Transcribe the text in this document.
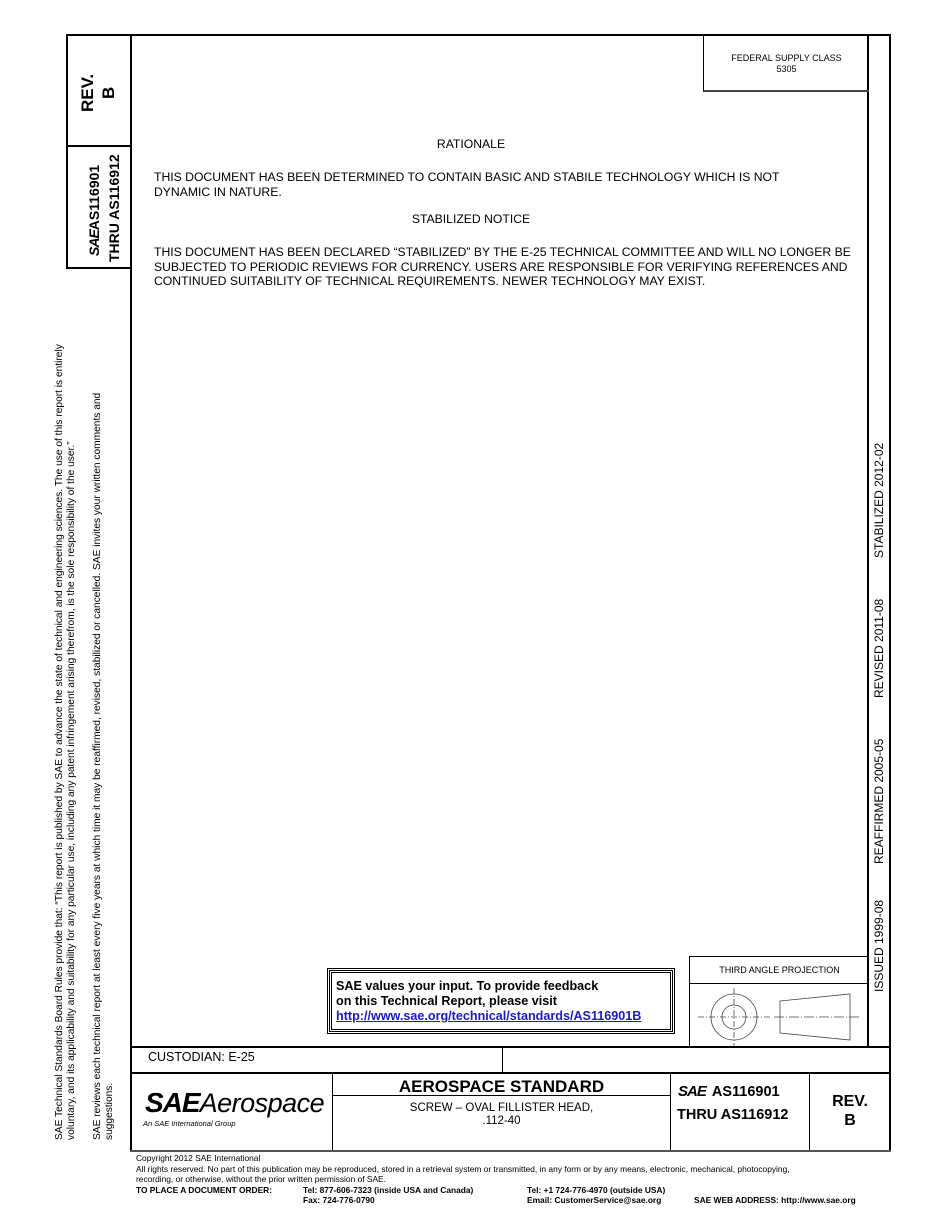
REV. B
SAEAS116901 THRU AS116912
FEDERAL SUPPLY CLASS
5305
RATIONALE
THIS DOCUMENT HAS BEEN DETERMINED TO CONTAIN BASIC AND STABILE TECHNOLOGY WHICH IS NOT DYNAMIC IN NATURE.
STABILIZED NOTICE
THIS DOCUMENT HAS BEEN DECLARED “STABILIZED” BY THE E-25 TECHNICAL COMMITTEE AND WILL NO LONGER BE SUBJECTED TO PERIODIC REVIEWS FOR CURRENCY. USERS ARE RESPONSIBLE FOR VERIFYING REFERENCES AND CONTINUED SUITABILITY OF TECHNICAL REQUIREMENTS. NEWER TECHNOLOGY MAY EXIST.
STABILIZED 2012-02
REVISED 2011-08
REAFFIRMED 2005-05
ISSUED 1999-08
SAE Technical Standards Board Rules provide that: “This report is published by SAE to advance the state of technical and engineering sciences. The use of this report is entirely voluntary, and its applicability and suitability for any particular use, including any patent infringement arising therefrom, is the sole responsibility of the user.” SAE reviews each technical report at least every five years at which time it may be reaffirmed, revised, stabilized or cancelled. SAE invites your written comments and suggestions.
SAE values your input. To provide feedback
on this Technical Report, please visit
http://www.sae.org/technical/standards/AS116901B
THIRD ANGLE PROJECTION
CUSTODIAN: E-25
SAEAerospace
An SAE International Group
AEROSPACE STANDARD
SCREW – OVAL FILLISTER HEAD,
.112-40
SAE AS116901
THRU AS116912
REV.
B
Copyright 2012 SAE International
All rights reserved. No part of this publication may be reproduced, stored in a retrieval system or transmitted, in any form or by any means, electronic, mechanical, photocopying,
recording, or otherwise, without the prior written permission of SAE.
TO PLACE A DOCUMENT ORDER:	Tel: 877-606-7323 (inside USA and Canada)
Fax: 724-776-0790
Tel: +1 724-776-4970 (outside USA)
Email: CustomerService@sae.org	SAE WEB ADDRESS: http://www.sae.org
